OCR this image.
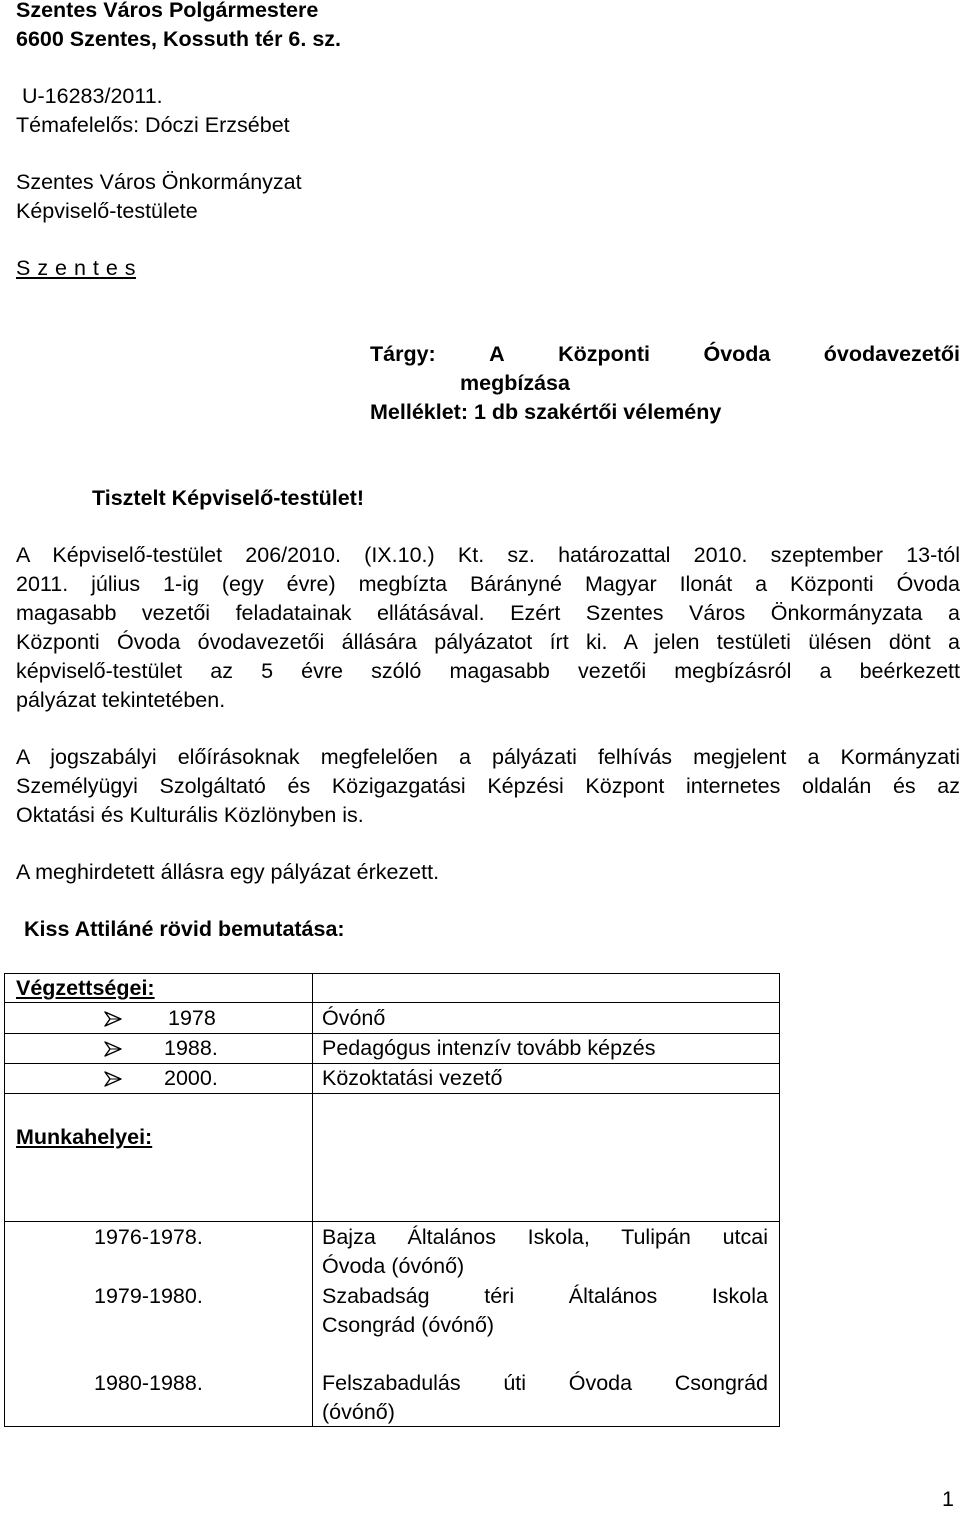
Szentes Város Polgármestere
6600 Szentes, Kossuth tér 6. sz.
U-16283/2011.
Témafelelős: Dóczi Erzsébet
Szentes Város Önkormányzat
Képviselő-testülete
S z e n t e s
Tárgy: A Központi Óvoda óvodavezetői
megbízása
Melléklet: 1 db szakértői vélemény
Tisztelt Képviselő-testület!
A Képviselő-testület 206/2010. (IX.10.) Kt. sz. határozattal 2010. szeptember 13-tól
2011. július 1-ig (egy évre) megbízta Bárányné Magyar Ilonát a Központi Óvoda
magasabb vezetői feladatainak ellátásával. Ezért Szentes Város Önkormányzata a
Központi Óvoda óvodavezetői állására pályázatot írt ki. A jelen testületi ülésen dönt a
képviselő-testület az 5 évre szóló magasabb vezetői megbízásról a beérkezett
pályázat tekintetében.
A jogszabályi előírásoknak megfelelően a pályázati felhívás megjelent a Kormányzati
Személyügyi Szolgáltató és Közigazgatási Képzési Központ internetes oldalán és az
Oktatási és Kulturális Közlönyben is.
A meghirdetett állásra egy pályázat érkezett.
Kiss Attiláné rövid bemutatása:
Végzettségei:
1978	Óvónő
1988.	Pedagógus intenzív tovább képzés
2000.	Közoktatási vezető
Munkahelyei:
1976-1978.	Bajza Általános Iskola, Tulipán utcai
Óvoda (óvónő)
1979-1980.	Szabadság téri Általános Iskola
Csongrád (óvónő)
1980-1988.	Felszabadulás úti Óvoda Csongrád
(óvónő)
1
